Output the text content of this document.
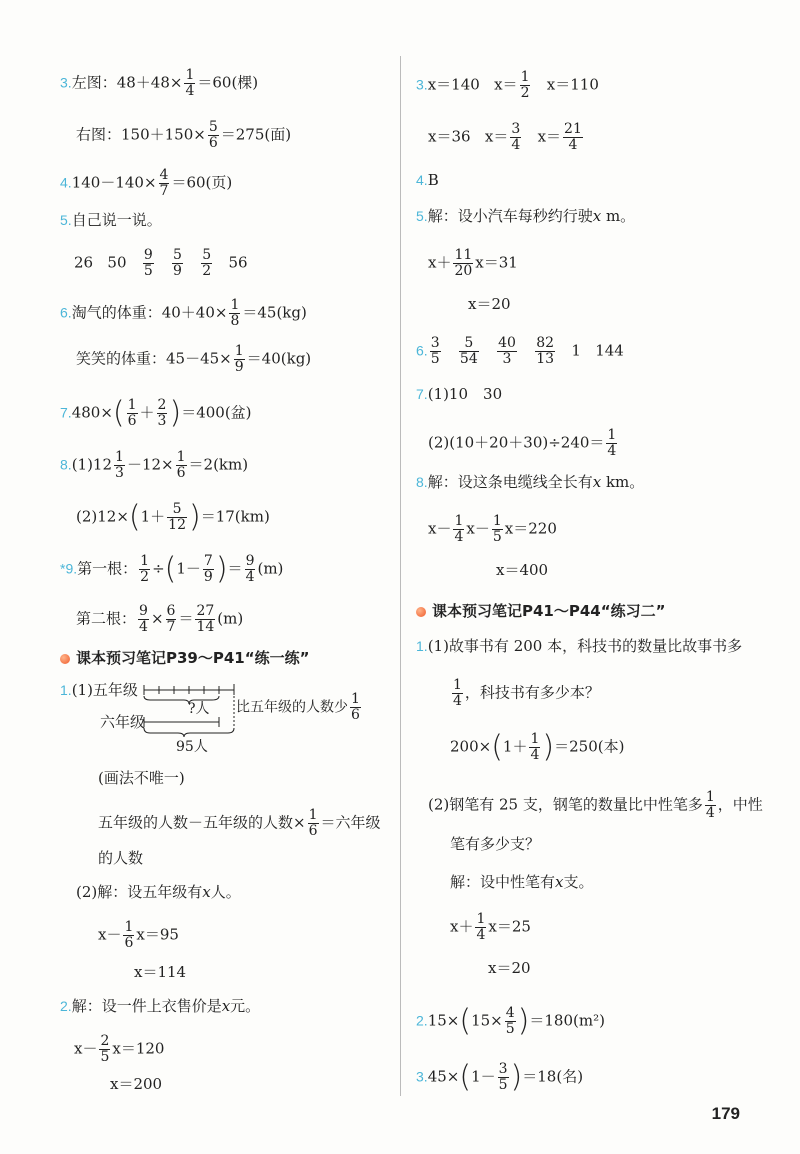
3.左图：$48+48\times \frac{1}{4} =60$(棵)
右图：$150+150\times \frac{5}{6} =275$(面)
$4.140-140\times \frac{4}{7} =60$(页)
5.自己说一说。
26 $50 \frac{9}{5}$
$\frac{5}{9}$
$\frac{5}{2} 56$
6.淘气的体重：$40+40\times \frac{1}{8} =45(kg)$
笑笑的体重：$45-45\times \frac{1}{9} =40(kg)$
$7.480\times( \frac{1}{6} + \frac{2}{3} )=400$(盆)
$8.(1)12 \frac{1}{3} -12\times \frac{1}{6} =2(km)$
$(2)12\times(1+ \frac{5}{12} )=17(km)$
*9.第一根： $\frac{1}{2} \div(1- \frac{7}{9}$ )＝ $\frac{9}{4} (m)$
第二根： $\frac{9}{4} \times \frac{6}{7} = \frac{27}{14} (m)$
课本预习笔记P39～P41“练一练”
1.(1)五年级
六年级
?人 比五年级的人数少 $\frac{1}{6}$
95人
(画法不唯一)
五年级的人数－五年级的人数× $\frac{1}{6}$ ＝六年级
的人数
(2)解：设五年级有x人。
$x- \frac{1}{6} x=95$
x＝114
2.解：设一件上衣售价是x元。
$x- \frac{2}{5} x=120$
x＝200
3.x＝140 $x= \frac{1}{2} x=110$
x＝36 $x= \frac{3}{4} x= \frac{21}{4}$
4.B
5.解：设小汽车每秒约行驶x m。
$x+ \frac{11}{20} x=31$
x＝20
6. $\frac{3}{5}$
$\frac{5}{54}$
$\frac{40}{3}$
$\frac{82}{13} 1$ 144
7.(1)10　30
$(2)(10+20+30)\div 240= \frac{1}{4}$
8.解：设这条电缆线全长有x km。
$x- \frac{1}{4} x- \frac{1}{5} x=220$
x＝400
课本预习笔记P41～P44“练习二”
1.(1)故事书有 200 本，科技书的数量比故事书多
$\frac{1}{4}$ ，科技书有多少本？
$200\times(1+ \frac{1}{4} )=250$(本)
(2)钢笔有 25 支，钢笔的数量比中性笔多 $\frac{1}{4}$ ，中性
笔有多少支？
解：设中性笔有x支。
$x+ \frac{1}{4} x=25$
x＝20
$2.15\times(15\times \frac{4}{5} )=180(m^2)$
$3.45\times(1- \frac{3}{5} )=18$(名)
179
